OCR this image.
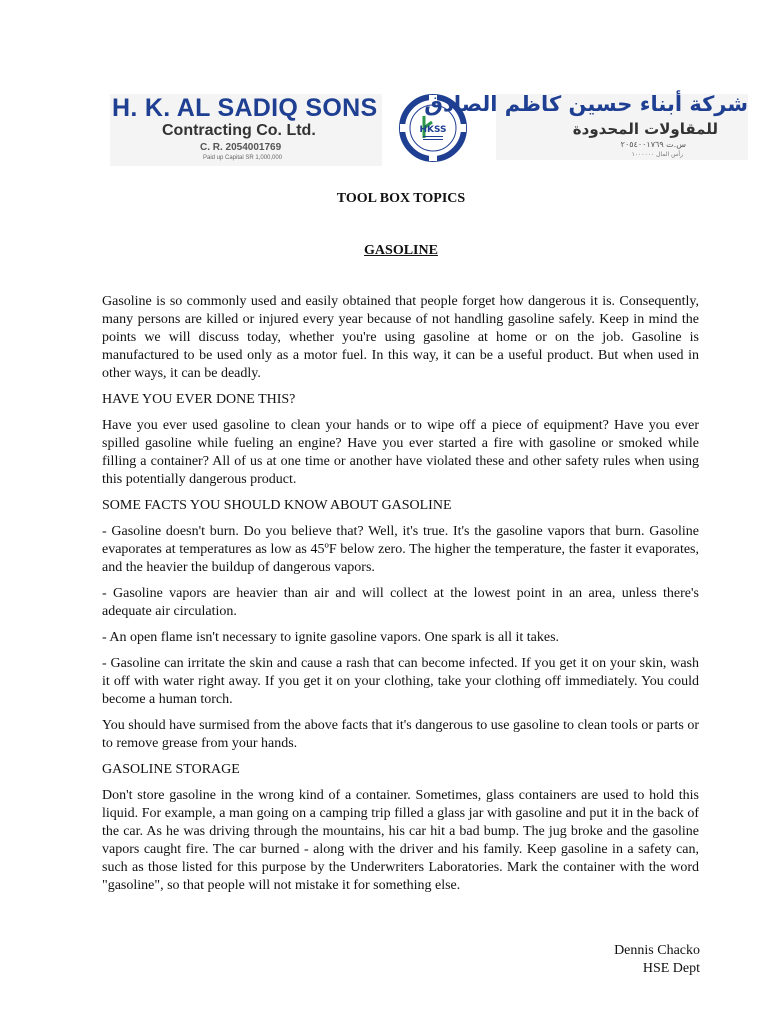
H. K. AL SADIQ SONS
Contracting Co. Ltd.
C. R. 2054001769
Paid up Capital SR 1,000,000
HKSS
شركة أبناء حسين كاظم الصادق
للمقاولات المحدودة
س.ت ٢٠٥٤٠٠١٧٦٩
رأس المال ١٠٠٠٠٠٠
TOOL BOX TOPICS
GASOLINE

Gasoline is so commonly used and easily obtained that people forget how dangerous it is. Consequently, many persons are killed or injured every year because of not handling gasoline safely. Keep in mind the points we will discuss today, whether you're using gasoline at home or on the job. Gasoline is manufactured to be used only as a motor fuel. In this way, it can be a useful product. But when used in other ways, it can be deadly.

HAVE YOU EVER DONE THIS?

Have you ever used gasoline to clean your hands or to wipe off a piece of equipment? Have you ever spilled gasoline while fueling an engine? Have you ever started a fire with gasoline or smoked while filling a container? All of us at one time or another have violated these and other safety rules when using this potentially dangerous product.

SOME FACTS YOU SHOULD KNOW ABOUT GASOLINE

- Gasoline doesn't burn. Do you believe that? Well, it's true. It's the gasoline vapors that burn. Gasoline evaporates at temperatures as low as 45ºF below zero. The higher the temperature, the faster it evaporates, and the heavier the buildup of dangerous vapors.

- Gasoline vapors are heavier than air and will collect at the lowest point in an area, unless there's adequate air circulation.

- An open flame isn't necessary to ignite gasoline vapors. One spark is all it takes.

- Gasoline can irritate the skin and cause a rash that can become infected. If you get it on your skin, wash it off with water right away. If you get it on your clothing, take your clothing off immediately. You could become a human torch.

You should have surmised from the above facts that it's dangerous to use gasoline to clean tools or parts or to remove grease from your hands.

GASOLINE STORAGE

Don't store gasoline in the wrong kind of a container. Sometimes, glass containers are used to hold this liquid. For example, a man going on a camping trip filled a glass jar with gasoline and put it in the back of the car. As he was driving through the mountains, his car hit a bad bump. The jug broke and the gasoline vapors caught fire. The car burned - along with the driver and his family. Keep gasoline in a safety can, such as those listed for this purpose by the Underwriters Laboratories. Mark the container with the word "gasoline", so that people will not mistake it for something else.

Dennis Chacko
HSE Dept
